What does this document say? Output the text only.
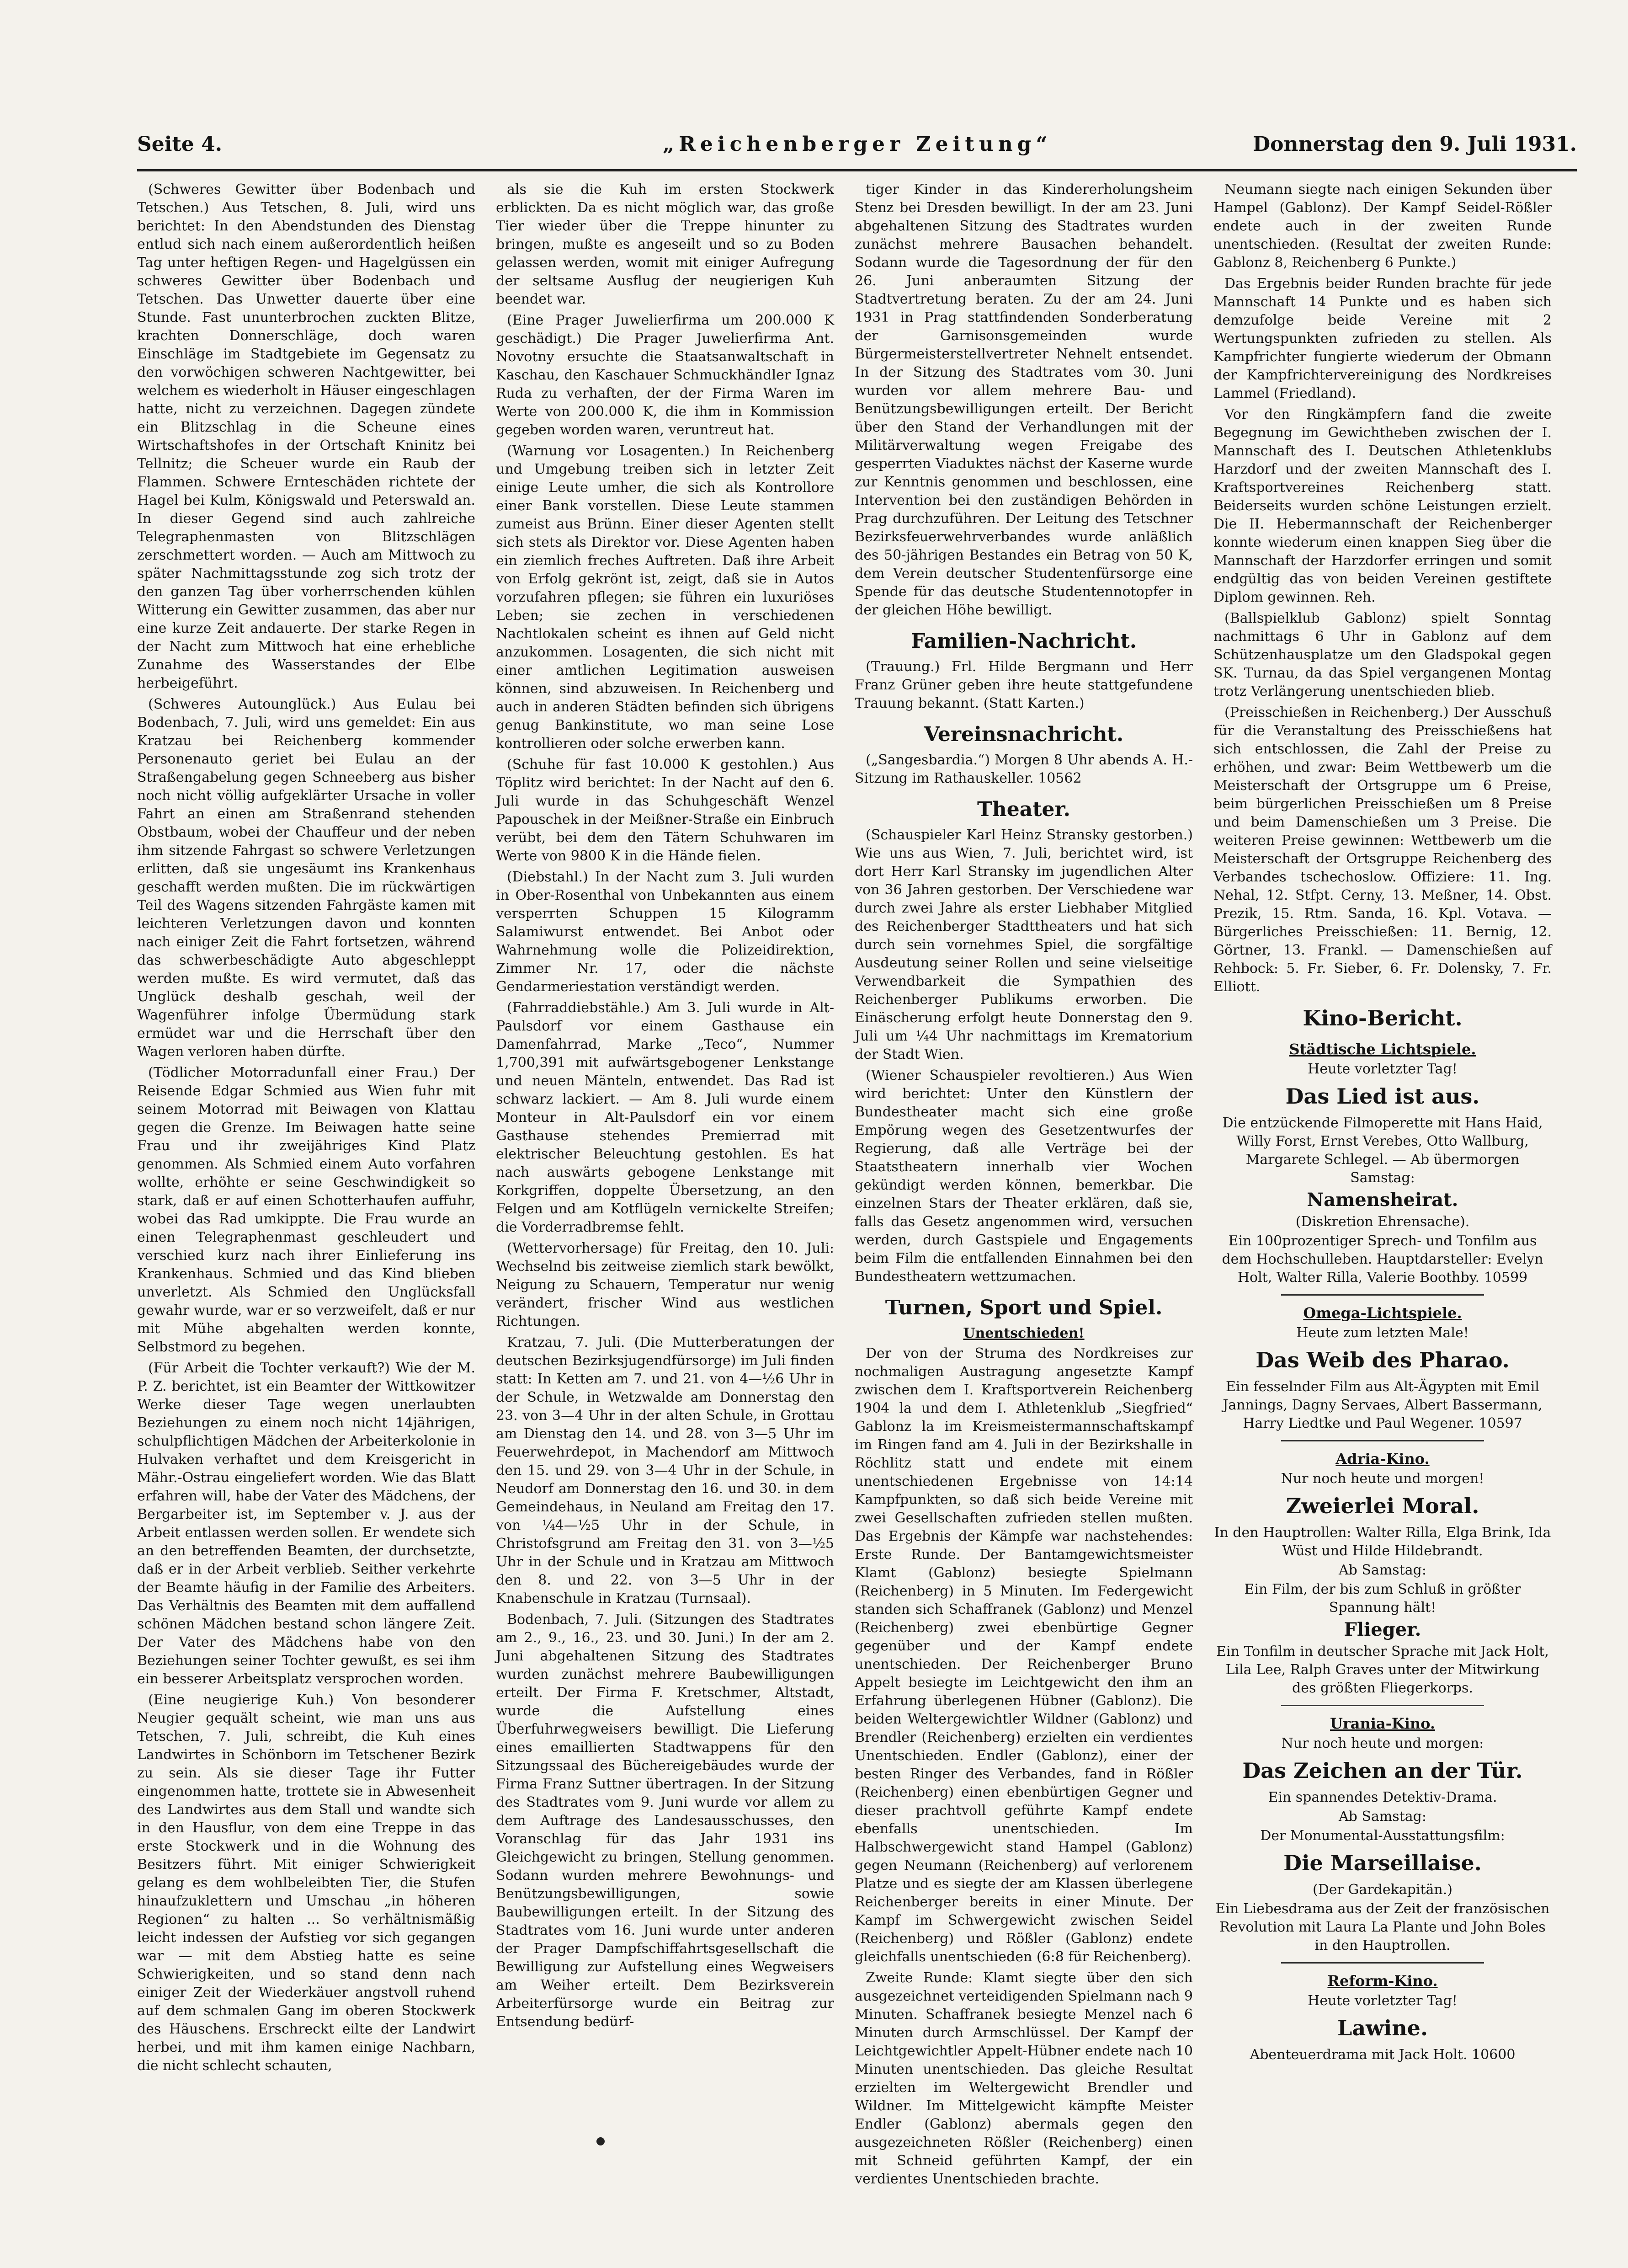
Seite 4.	„Reichenberger Zeitung“	Donnerstag den 9. Juli 1931.

(Schweres Gewitter über Bodenbach und Tetschen.) Aus Tetschen, 8. Juli, wird uns berichtet: In den Abendstunden des Dienstag entlud sich nach einem außerordentlich heißen Tag unter heftigen Regen- und Hagelgüssen ein schweres Gewitter über Bodenbach und Tetschen. Das Unwetter dauerte über eine Stunde. Fast ununterbrochen zuckten Blitze, krachten Donnerschläge, doch waren Einschläge im Stadtgebiete im Gegensatz zu den vorwöchigen schweren Nachtgewitter, bei welchem es wiederholt in Häuser eingeschlagen hatte, nicht zu verzeichnen. Dagegen zündete ein Blitzschlag in die Scheune eines Wirtschaftshofes in der Ortschaft Kninitz bei Tellnitz; die Scheuer wurde ein Raub der Flammen. Schwere Ernteschäden richtete der Hagel bei Kulm, Königswald und Peterswald an. In dieser Gegend sind auch zahlreiche Telegraphenmasten von Blitzschlägen zerschmettert worden. — Auch am Mittwoch zu später Nachmittagsstunde zog sich trotz der den ganzen Tag über vorherrschenden kühlen Witterung ein Gewitter zusammen, das aber nur eine kurze Zeit andauerte. Der starke Regen in der Nacht zum Mittwoch hat eine erhebliche Zunahme des Wasserstandes der Elbe herbeigeführt.

(Schweres Autounglück.) Aus Eulau bei Bodenbach, 7. Juli, wird uns gemeldet: Ein aus Kratzau bei Reichenberg kommender Personenauto geriet bei Eulau an der Straßengabelung gegen Schneeberg aus bisher noch nicht völlig aufgeklärter Ursache in voller Fahrt an einen am Straßenrand stehenden Obstbaum, wobei der Chauffeur und der neben ihm sitzende Fahrgast so schwere Verletzungen erlitten, daß sie ungesäumt ins Krankenhaus geschafft werden mußten. Die im rückwärtigen Teil des Wagens sitzenden Fahrgäste kamen mit leichteren Verletzungen davon und konnten nach einiger Zeit die Fahrt fortsetzen, während das schwerbeschädigte Auto abgeschleppt werden mußte. Es wird vermutet, daß das Unglück deshalb geschah, weil der Wagenführer infolge Übermüdung stark ermüdet war und die Herrschaft über den Wagen verloren haben dürfte.

(Tödlicher Motorradunfall einer Frau.) Der Reisende Edgar Schmied aus Wien fuhr mit seinem Motorrad mit Beiwagen von Klattau gegen die Grenze. Im Beiwagen hatte seine Frau und ihr zweijähriges Kind Platz genommen. Als Schmied einem Auto vorfahren wollte, erhöhte er seine Geschwindigkeit so stark, daß er auf einen Schotterhaufen auffuhr, wobei das Rad umkippte. Die Frau wurde an einen Telegraphenmast geschleudert und verschied kurz nach ihrer Einlieferung ins Krankenhaus. Schmied und das Kind blieben unverletzt. Als Schmied den Unglücksfall gewahr wurde, war er so verzweifelt, daß er nur mit Mühe abgehalten werden konnte, Selbstmord zu begehen.

(Für Arbeit die Tochter verkauft?) Wie der M. P. Z. berichtet, ist ein Beamter der Wittkowitzer Werke dieser Tage wegen unerlaubten Beziehungen zu einem noch nicht 14jährigen, schulpflichtigen Mädchen der Arbeiterkolonie in Hulvaken verhaftet und dem Kreisgericht in Mähr.-Ostrau eingeliefert worden. Wie das Blatt erfahren will, habe der Vater des Mädchens, der Bergarbeiter ist, im September v. J. aus der Arbeit entlassen werden sollen. Er wendete sich an den betreffenden Beamten, der durchsetzte, daß er in der Arbeit verblieb. Seither verkehrte der Beamte häufig in der Familie des Arbeiters. Das Verhältnis des Beamten mit dem auffallend schönen Mädchen bestand schon längere Zeit. Der Vater des Mädchens habe von den Beziehungen seiner Tochter gewußt, es sei ihm ein besserer Arbeitsplatz versprochen worden.

(Eine neugierige Kuh.) Von besonderer Neugier gequält scheint, wie man uns aus Tetschen, 7. Juli, schreibt, die Kuh eines Landwirtes in Schönborn im Tetschener Bezirk zu sein. Als sie dieser Tage ihr Futter eingenommen hatte, trottete sie in Abwesenheit des Landwirtes aus dem Stall und wandte sich in den Hausflur, von dem eine Treppe in das erste Stockwerk und in die Wohnung des Besitzers führt. Mit einiger Schwierigkeit gelang es dem wohlbeleibten Tier, die Stufen hinaufzuklettern und Umschau „in höheren Regionen“ zu halten ... So verhältnismäßig leicht indessen der Aufstieg vor sich gegangen war — mit dem Abstieg hatte es seine Schwierigkeiten, und so stand denn nach einiger Zeit der Wiederkäuer angstvoll ruhend auf dem schmalen Gang im oberen Stockwerk des Häuschens. Erschreckt eilte der Landwirt herbei, und mit ihm kamen einige Nachbarn, die nicht schlecht schauten,

als sie die Kuh im ersten Stockwerk erblickten. Da es nicht möglich war, das große Tier wieder über die Treppe hinunter zu bringen, mußte es angeseilt und so zu Boden gelassen werden, womit mit einiger Aufregung der seltsame Ausflug der neugierigen Kuh beendet war.

(Eine Prager Juwelierfirma um 200.000 K geschädigt.) Die Prager Juwelierfirma Ant. Novotny ersuchte die Staatsanwaltschaft in Kaschau, den Kaschauer Schmuckhändler Ignaz Ruda zu verhaften, der der Firma Waren im Werte von 200.000 K, die ihm in Kommission gegeben worden waren, veruntreut hat.

(Warnung vor Losagenten.) In Reichenberg und Umgebung treiben sich in letzter Zeit einige Leute umher, die sich als Kontrollore einer Bank vorstellen. Diese Leute stammen zumeist aus Brünn. Einer dieser Agenten stellt sich stets als Direktor vor. Diese Agenten haben ein ziemlich freches Auftreten. Daß ihre Arbeit von Erfolg gekrönt ist, zeigt, daß sie in Autos vorzufahren pflegen; sie führen ein luxuriöses Leben; sie zechen in verschiedenen Nachtlokalen scheint es ihnen auf Geld nicht anzukommen. Losagenten, die sich nicht mit einer amtlichen Legitimation ausweisen können, sind abzuweisen. In Reichenberg und auch in anderen Städten befinden sich übrigens genug Bankinstitute, wo man seine Lose kontrollieren oder solche erwerben kann.

(Schuhe für fast 10.000 K gestohlen.) Aus Töplitz wird berichtet: In der Nacht auf den 6. Juli wurde in das Schuhgeschäft Wenzel Papouschek in der Meißner-Straße ein Einbruch verübt, bei dem den Tätern Schuhwaren im Werte von 9800 K in die Hände fielen.

(Diebstahl.) In der Nacht zum 3. Juli wurden in Ober-Rosenthal von Unbekannten aus einem versperrten Schuppen 15 Kilogramm Salamiwurst entwendet. Bei Anbot oder Wahrnehmung wolle die Polizeidirektion, Zimmer Nr. 17, oder die nächste Gendarmeriestation verständigt werden.

(Fahrraddiebstähle.) Am 3. Juli wurde in Alt-Paulsdorf vor einem Gasthause ein Damenfahrrad, Marke „Teco“, Nummer 1,700,391 mit aufwärtsgebogener Lenkstange und neuen Mänteln, entwendet. Das Rad ist schwarz lackiert. — Am 8. Juli wurde einem Monteur in Alt-Paulsdorf ein vor einem Gasthause stehendes Premierrad mit elektrischer Beleuchtung gestohlen. Es hat nach auswärts gebogene Lenkstange mit Korkgriffen, doppelte Übersetzung, an den Felgen und am Kotflügeln vernickelte Streifen; die Vorderradbremse fehlt.

(Wettervorhersage) für Freitag, den 10. Juli: Wechselnd bis zeitweise ziemlich stark bewölkt, Neigung zu Schauern, Temperatur nur wenig verändert, frischer Wind aus westlichen Richtungen.

Kratzau, 7. Juli. (Die Mutterberatungen der deutschen Bezirksjugendfürsorge) im Juli finden statt: In Ketten am 7. und 21. von 4—½6 Uhr in der Schule, in Wetzwalde am Donnerstag den 23. von 3—4 Uhr in der alten Schule, in Grottau am Dienstag den 14. und 28. von 3—5 Uhr im Feuerwehrdepot, in Machendorf am Mittwoch den 15. und 29. von 3—4 Uhr in der Schule, in Neudorf am Donnerstag den 16. und 30. in dem Gemeindehaus, in Neuland am Freitag den 17. von ¼4—½5 Uhr in der Schule, in Christofsgrund am Freitag den 31. von 3—½5 Uhr in der Schule und in Kratzau am Mittwoch den 8. und 22. von 3—5 Uhr in der Knabenschule in Kratzau (Turnsaal).

Bodenbach, 7. Juli. (Sitzungen des Stadtrates am 2., 9., 16., 23. und 30. Juni.) In der am 2. Juni abgehaltenen Sitzung des Stadtrates wurden zunächst mehrere Baubewilligungen erteilt. Der Firma F. Kretschmer, Altstadt, wurde die Aufstellung eines Überfuhrwegweisers bewilligt. Die Lieferung eines emaillierten Stadtwappens für den Sitzungssaal des Büchereigebäudes wurde der Firma Franz Suttner übertragen. In der Sitzung des Stadtrates vom 9. Juni wurde vor allem zu dem Auftrage des Landesausschusses, den Voranschlag für das Jahr 1931 ins Gleichgewicht zu bringen, Stellung genommen. Sodann wurden mehrere Bewohnungs- und Benützungsbewilligungen, sowie Baubewilligungen erteilt. In der Sitzung des Stadtrates vom 16. Juni wurde unter anderen der Prager Dampfschiffahrtsgesellschaft die Bewilligung zur Aufstellung eines Wegweisers am Weiher erteilt. Dem Bezirksverein Arbeiterfürsorge wurde ein Beitrag zur Entsendung bedürf-

tiger Kinder in das Kindererholungsheim Stenz bei Dresden bewilligt. In der am 23. Juni abgehaltenen Sitzung des Stadtrates wurden zunächst mehrere Bausachen behandelt. Sodann wurde die Tagesordnung der für den 26. Juni anberaumten Sitzung der Stadtvertretung beraten. Zu der am 24. Juni 1931 in Prag stattfindenden Sonderberatung der Garnisonsgemeinden wurde Bürgermeisterstellvertreter Nehnelt entsendet. In der Sitzung des Stadtrates vom 30. Juni wurden vor allem mehrere Bau- und Benützungsbewilligungen erteilt. Der Bericht über den Stand der Verhandlungen mit der Militärverwaltung wegen Freigabe des gesperrten Viaduktes nächst der Kaserne wurde zur Kenntnis genommen und beschlossen, eine Intervention bei den zuständigen Behörden in Prag durchzuführen. Der Leitung des Tetschner Bezirksfeuerwehrverbandes wurde anläßlich des 50-jährigen Bestandes ein Betrag von 50 K, dem Verein deutscher Studentenfürsorge eine Spende für das deutsche Studentennotopfer in der gleichen Höhe bewilligt.

Familien-Nachricht.

(Trauung.) Frl. Hilde Bergmann und Herr Franz Grüner geben ihre heute stattgefundene Trauung bekannt. (Statt Karten.)

Vereinsnachricht.

(„Sangesbardia.“) Morgen 8 Uhr abends A. H.-Sitzung im Rathauskeller. 10562

Theater.

(Schauspieler Karl Heinz Stransky gestorben.) Wie uns aus Wien, 7. Juli, berichtet wird, ist dort Herr Karl Stransky im jugendlichen Alter von 36 Jahren gestorben. Der Verschiedene war durch zwei Jahre als erster Liebhaber Mitglied des Reichenberger Stadttheaters und hat sich durch sein vornehmes Spiel, die sorgfältige Ausdeutung seiner Rollen und seine vielseitige Verwendbarkeit die Sympathien des Reichenberger Publikums erworben. Die Einäscherung erfolgt heute Donnerstag den 9. Juli um ¼4 Uhr nachmittags im Krematorium der Stadt Wien.

(Wiener Schauspieler revoltieren.) Aus Wien wird berichtet: Unter den Künstlern der Bundestheater macht sich eine große Empörung wegen des Gesetzentwurfes der Regierung, daß alle Verträge bei der Staatstheatern innerhalb vier Wochen gekündigt werden können, bemerkbar. Die einzelnen Stars der Theater erklären, daß sie, falls das Gesetz angenommen wird, versuchen werden, durch Gastspiele und Engagements beim Film die entfallenden Einnahmen bei den Bundestheatern wettzumachen.

Turnen, Sport und Spiel.
Unentschieden!

Der von der Struma des Nordkreises zur nochmaligen Austragung angesetzte Kampf zwischen dem I. Kraftsportverein Reichenberg 1904 la und dem I. Athletenklub „Siegfried“ Gablonz la im Kreismeistermannschaftskampf im Ringen fand am 4. Juli in der Bezirkshalle in Röchlitz statt und endete mit einem unentschiedenen Ergebnisse von 14:14 Kampfpunkten, so daß sich beide Vereine mit zwei Gesellschaften zufrieden stellen mußten. Das Ergebnis der Kämpfe war nachstehendes: Erste Runde. Der Bantamgewichtsmeister Klamt (Gablonz) besiegte Spielmann (Reichenberg) in 5 Minuten. Im Federgewicht standen sich Schaffranek (Gablonz) und Menzel (Reichenberg) zwei ebenbürtige Gegner gegenüber und der Kampf endete unentschieden. Der Reichenberger Bruno Appelt besiegte im Leichtgewicht den ihm an Erfahrung überlegenen Hübner (Gablonz). Die beiden Weltergewichtler Wildner (Gablonz) und Brendler (Reichenberg) erzielten ein verdientes Unentschieden. Endler (Gablonz), einer der besten Ringer des Verbandes, fand in Rößler (Reichenberg) einen ebenbürtigen Gegner und dieser prachtvoll geführte Kampf endete ebenfalls unentschieden. Im Halbschwergewicht stand Hampel (Gablonz) gegen Neumann (Reichenberg) auf verlorenem Platze und es siegte der am Klassen überlegene Reichenberger bereits in einer Minute. Der Kampf im Schwergewicht zwischen Seidel (Reichenberg) und Rößler (Gablonz) endete gleichfalls unentschieden (6:8 für Reichenberg).

Zweite Runde: Klamt siegte über den sich ausgezeichnet verteidigenden Spielmann nach 9 Minuten. Schaffranek besiegte Menzel nach 6 Minuten durch Armschlüssel. Der Kampf der Leichtgewichtler Appelt-Hübner endete nach 10 Minuten unentschieden. Das gleiche Resultat erzielten im Weltergewicht Brendler und Wildner. Im Mittelgewicht kämpfte Meister Endler (Gablonz) abermals gegen den ausgezeichneten Rößler (Reichenberg) einen mit Schneid geführten Kampf, der ein verdientes Unentschieden brachte.

Neumann siegte nach einigen Sekunden über Hampel (Gablonz). Der Kampf Seidel-Rößler endete auch in der zweiten Runde unentschieden. (Resultat der zweiten Runde: Gablonz 8, Reichenberg 6 Punkte.)

Das Ergebnis beider Runden brachte für jede Mannschaft 14 Punkte und es haben sich demzufolge beide Vereine mit 2 Wertungspunkten zufrieden zu stellen. Als Kampfrichter fungierte wiederum der Obmann der Kampfrichtervereinigung des Nordkreises Lammel (Friedland).

Vor den Ringkämpfern fand die zweite Begegnung im Gewichtheben zwischen der I. Mannschaft des I. Deutschen Athletenklubs Harzdorf und der zweiten Mannschaft des I. Kraftsportvereines Reichenberg statt. Beiderseits wurden schöne Leistungen erzielt. Die II. Hebermannschaft der Reichenberger konnte wiederum einen knappen Sieg über die Mannschaft der Harzdorfer erringen und somit endgültig das von beiden Vereinen gestiftete Diplom gewinnen. Reh.

(Ballspielklub Gablonz) spielt Sonntag nachmittags 6 Uhr in Gablonz auf dem Schützenhausplatze um den Gladspokal gegen SK. Turnau, da das Spiel vergangenen Montag trotz Verlängerung unentschieden blieb.

(Preisschießen in Reichenberg.) Der Ausschuß für die Veranstaltung des Preisschießens hat sich entschlossen, die Zahl der Preise zu erhöhen, und zwar: Beim Wettbewerb um die Meisterschaft der Ortsgruppe um 6 Preise, beim bürgerlichen Preisschießen um 8 Preise und beim Damenschießen um 3 Preise. Die weiteren Preise gewinnen: Wettbewerb um die Meisterschaft der Ortsgruppe Reichenberg des Verbandes tschechoslow. Offiziere: 11. Ing. Nehal, 12. Stfpt. Cerny, 13. Meßner, 14. Obst. Prezik, 15. Rtm. Sanda, 16. Kpl. Votava. — Bürgerliches Preisschießen: 11. Bernig, 12. Görtner, 13. Frankl. — Damenschießen auf Rehbock: 5. Fr. Sieber, 6. Fr. Dolensky, 7. Fr. Elliott.

Kino-Bericht.
Städtische Lichtspiele.
Heute vorletzter Tag!
Das Lied ist aus.
Die entzückende Filmoperette mit Hans Haid, Willy Forst, Ernst Verebes, Otto Wallburg, Margarete Schlegel. — Ab übermorgen Samstag:
Namensheirat.
(Diskretion Ehrensache).
Ein 100prozentiger Sprech- und Tonfilm aus dem Hochschulleben. Hauptdarsteller: Evelyn Holt, Walter Rilla, Valerie Boothby. 10599
Omega-Lichtspiele.
Heute zum letzten Male!
Das Weib des Pharao.
Ein fesselnder Film aus Alt-Ägypten mit Emil Jannings, Dagny Servaes, Albert Bassermann, Harry Liedtke und Paul Wegener. 10597
Adria-Kino.
Nur noch heute und morgen!
Zweierlei Moral.
In den Hauptrollen: Walter Rilla, Elga Brink, Ida Wüst und Hilde Hildebrandt.
Ab Samstag:
Ein Film, der bis zum Schluß in größter Spannung hält!
Flieger.
Ein Tonfilm in deutscher Sprache mit Jack Holt, Lila Lee, Ralph Graves unter der Mitwirkung des größten Fliegerkorps.
Urania-Kino.
Nur noch heute und morgen:
Das Zeichen an der Tür.
Ein spannendes Detektiv-Drama.
Ab Samstag:
Der Monumental-Ausstattungsfilm:
Die Marseillaise.
(Der Gardekapitän.)
Ein Liebesdrama aus der Zeit der französischen Revolution mit Laura La Plante und John Boles in den Hauptrollen.
Reform-Kino.
Heute vorletzter Tag!
Lawine.
Abenteuerdrama mit Jack Holt. 10600
